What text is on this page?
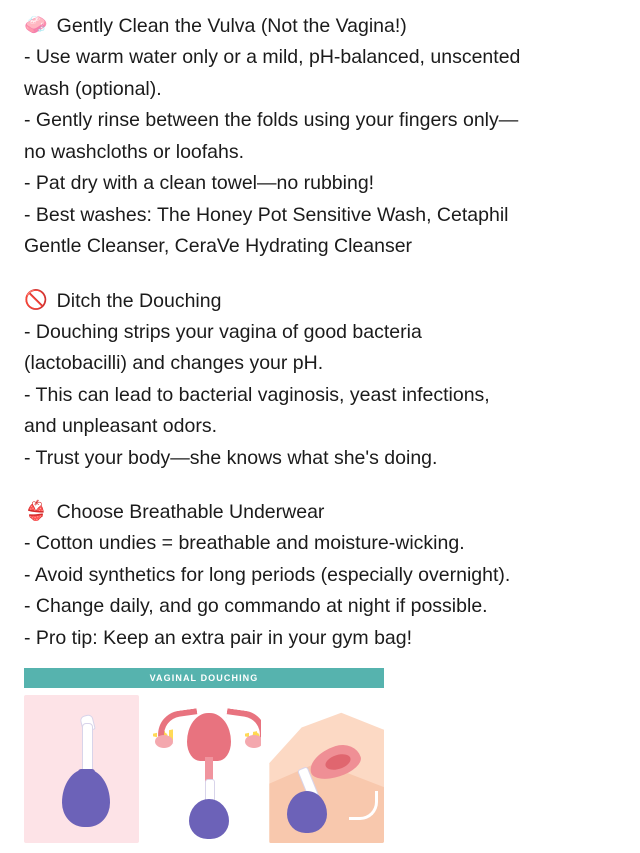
🧼 Gently Clean the Vulva (Not the Vagina!)
- Use warm water only or a mild, pH-balanced, unscented
wash (optional).
- Gently rinse between the folds using your fingers only—
no washcloths or loofahs.
- Pat dry with a clean towel—no rubbing!
- Best washes: The Honey Pot Sensitive Wash, Cetaphil
Gentle Cleanser, CeraVe Hydrating Cleanser
🚫 Ditch the Douching
- Douching strips your vagina of good bacteria
(lactobacilli) and changes your pH.
- This can lead to bacterial vaginosis, yeast infections,
and unpleasant odors.
- Trust your body—she knows what she's doing.
👙 Choose Breathable Underwear
- Cotton undies = breathable and moisture-wicking.
- Avoid synthetics for long periods (especially overnight).
- Change daily, and go commando at night if possible.
- Pro tip: Keep an extra pair in your gym bag!
VAGINAL DOUCHING
